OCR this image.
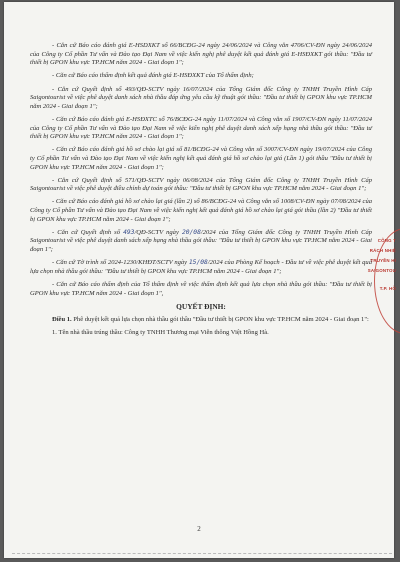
- Căn cứ Báo cáo đánh giá E-HSDXKT số 66/BCĐG-24 ngày 24/06/2024 và Công văn 4706/CV-ĐN ngày 24/06/2024 của Công ty Cổ phần Tư vấn và Đào tạo Đại Nam về việc kiến nghị phê duyệt kết quả đánh giá E-HSĐXKT gói thầu: "Đầu tư thiết bị GPON khu vực TP.HCM năm 2024 - Giai đoạn 1";

- Căn cứ Báo cáo thẩm định kết quả đánh giá E-HSĐXKT của Tổ thẩm định;

- Căn cứ Quyết định số 493/QĐ-SCTV ngày 16/07/2024 của Tổng Giám đốc Công ty TNHH Truyền Hình Cáp Saigontourist về việc phê duyệt danh sách nhà thầu đáp ứng yêu cầu kỹ thuật gói thầu: "Đầu tư thiết bị GPON khu vực TP.HCM năm 2024 - Giai đoạn 1";

- Căn cứ Báo cáo đánh giá E-HSĐXTC số 76/BCĐG-24 ngày 11/07/2024 và Công văn số 1907/CV-ĐN ngày 11/07/2024 của Công ty Cổ phần Tư vấn và Đào tạo Đại Nam về việc kiến nghị phê duyệt danh sách xếp hạng nhà thầu gói thầu: "Đầu tư thiết bị GPON khu vực TP.HCM năm 2024 - Giai đoạn 1";

- Căn cứ Báo cáo đánh giá hồ sơ chào lại giá số 81/BCĐG-24 và Công văn số 3007/CV-ĐN ngày 19/07/2024 của Công ty Cổ phần Tư vấn và Đào tạo Đại Nam về việc kiến nghị kết quả đánh giá hồ sơ chào lại giá (Lần 1) gói thầu "Đầu tư thiết bị GPON khu vực TP.HCM năm 2024 - Giai đoạn 1";

- Căn cứ Quyết định số 571/QĐ-SCTV ngày 06/08/2024 của Tổng Giám đốc Công ty TNHH Truyền Hình Cáp Saigontourist về việc phê duyệt điều chỉnh dự toán gói thầu: "Đầu tư thiết bị GPON khu vực TP.HCM năm 2024 - Giai đoạn 1";

- Căn cứ Báo cáo đánh giá hồ sơ chào lại giá (lần 2) số 86/BCĐG-24 và Công văn số 1008/CV-ĐN ngày 07/08/2024 của Công ty Cổ phần Tư vấn và Đào tạo Đại Nam về việc kiến nghị kết quả đánh giá hồ sơ chào lại giá gói thầu (lần 2) "Đầu tư thiết bị GPON khu vực TP.HCM năm 2024 - Giai đoạn 1";

- Căn cứ Quyết định số 493/QĐ-SCTV ngày 20/08/2024 của Tổng Giám đốc Công ty TNHH Truyền Hình Cáp Saigontourist về việc phê duyệt danh sách xếp hạng nhà thầu gói thầu: "Đầu tư thiết bị GPON khu vực TP.HCM năm 2024 - Giai đoạn 1";

- Căn cứ Tờ trình số 2024-1230/KHĐT/SCTV ngày 15/08/2024 của Phòng Kế hoạch - Đầu tư về việc phê duyệt kết quả lựa chọn nhà thầu gói thầu: "Đầu tư thiết bị GPON khu vực TP.HCM năm 2024 - Giai đoạn 1";

- Căn cứ Báo cáo thẩm định của Tổ thẩm định về việc thẩm định kết quả lựa chọn nhà thầu gói thầu: "Đầu tư thiết bị GPON khu vực TP.HCM năm 2024 - Giai đoạn 1",

QUYẾT ĐỊNH:

Điều 1. Phê duyệt kết quả lựa chọn nhà thầu gói thầu "Đầu tư thiết bị GPON khu vực TP.HCM năm 2024 - Giai đoạn 1":

1. Tên nhà thầu trúng thầu: Công ty TNHH Thương mại Viễn thông Việt Hồng Hà.

2
CÔNG T
RÁCH NHIỆ
TRUYỀN HÌ
SAIGONTOU
T.P. HỒ
